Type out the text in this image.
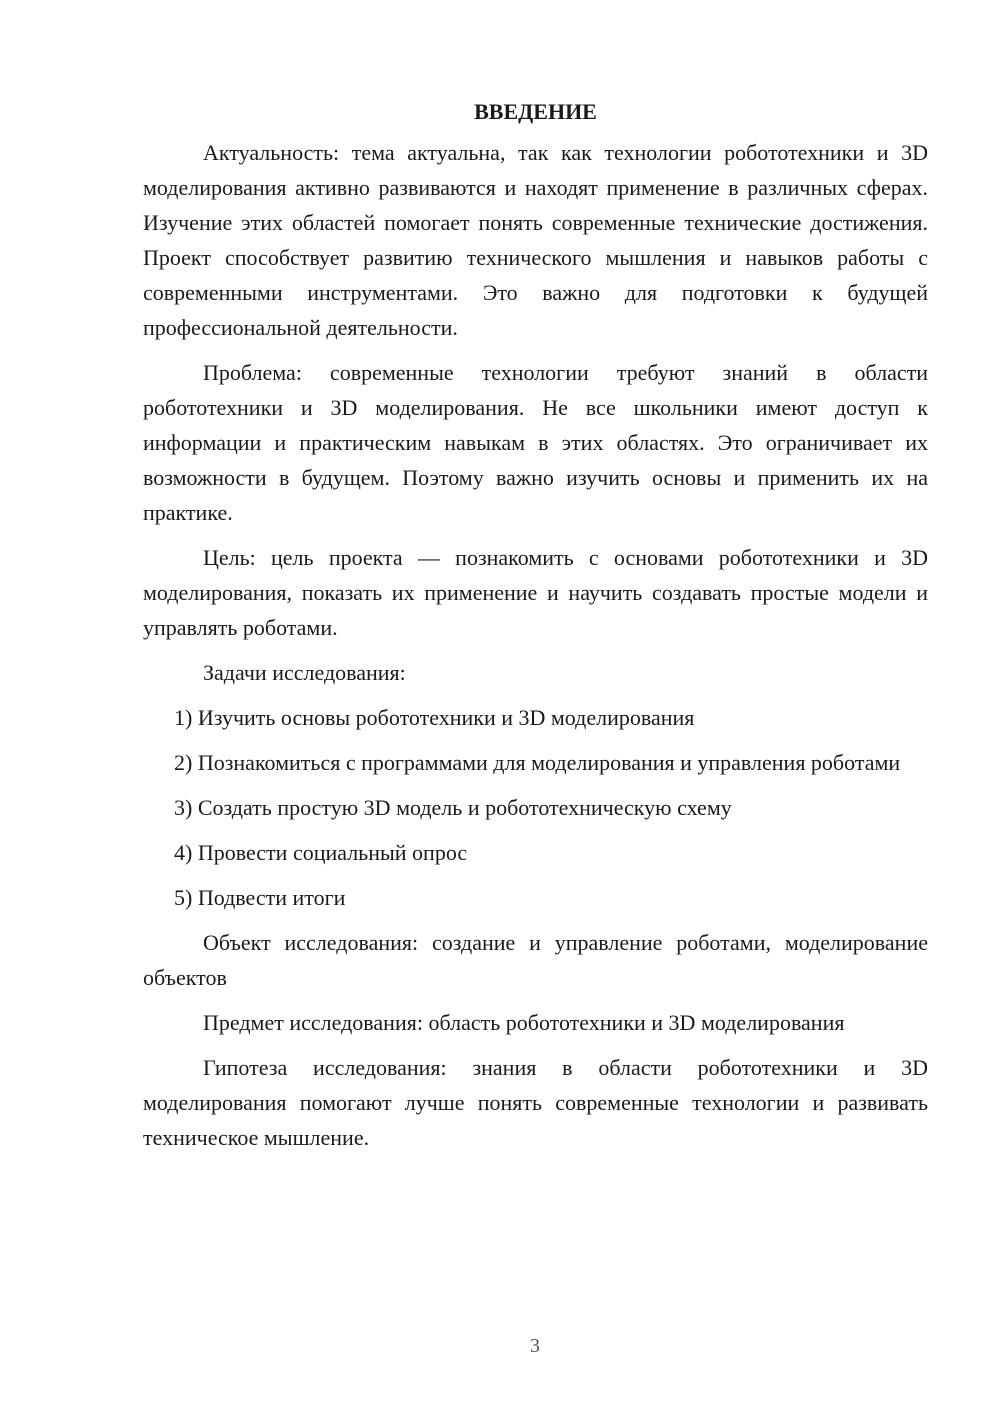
ВВЕДЕНИЕ

Актуальность: тема актуальна, так как технологии робототехники и 3D моделирования активно развиваются и находят применение в различных сферах. Изучение этих областей помогает понять современные технические достижения. Проект способствует развитию технического мышления и навыков работы с современными инструментами. Это важно для подготовки к будущей профессиональной деятельности.

Проблема: современные технологии требуют знаний в области робототехники и 3D моделирования. Не все школьники имеют доступ к информации и практическим навыкам в этих областях. Это ограничивает их возможности в будущем. Поэтому важно изучить основы и применить их на практике.

Цель: цель проекта — познакомить с основами робототехники и 3D моделирования, показать их применение и научить создавать простые модели и управлять роботами.

Задачи исследования:

1) Изучить основы робототехники и 3D моделирования

2) Познакомиться с программами для моделирования и управления роботами

3) Создать простую 3D модель и робототехническую схему

4) Провести социальный опрос

5) Подвести итоги

Объект исследования: создание и управление роботами, моделирование объектов

Предмет исследования: область робототехники и 3D моделирования

Гипотеза исследования: знания в области робототехники и 3D моделирования помогают лучше понять современные технологии и развивать техническое мышление.

3
